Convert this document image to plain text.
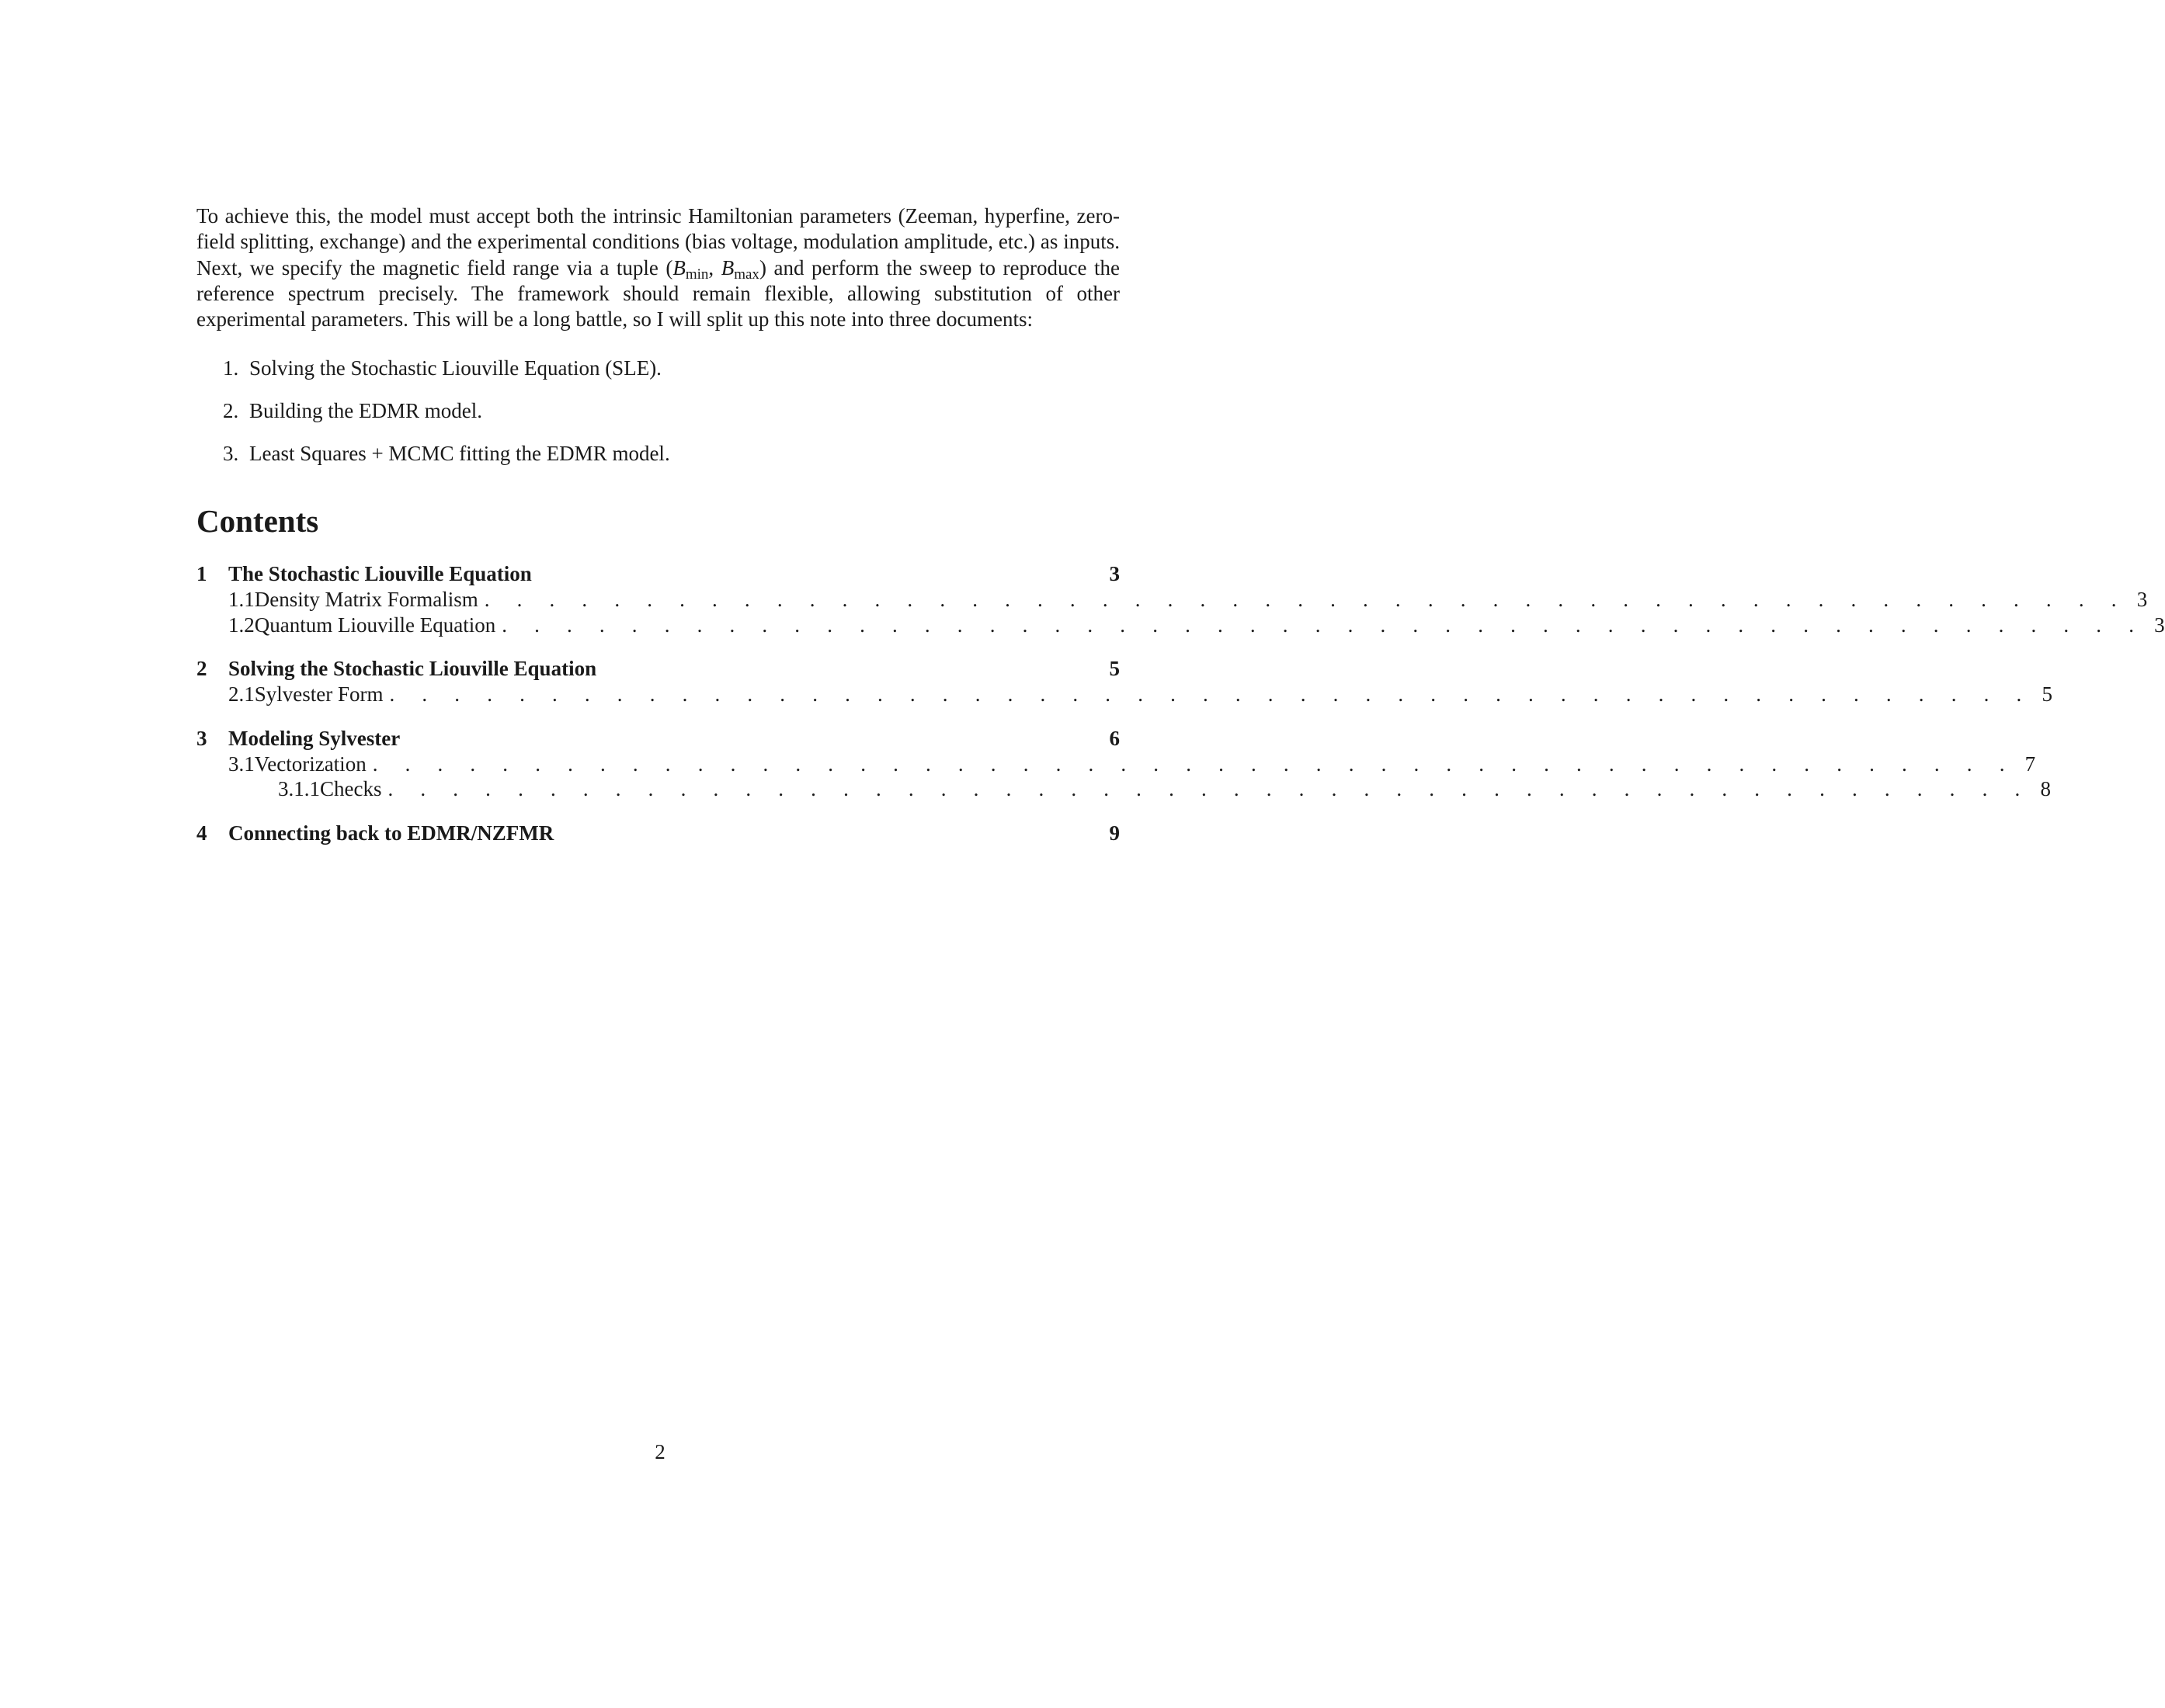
To achieve this, the model must accept both the intrinsic Hamiltonian parameters (Zeeman, hyperfine, zero-field splitting, exchange) and the experimental conditions (bias voltage, modulation amplitude, etc.) as inputs. Next, we specify the magnetic field range via a tuple ($B_{min}$, $B_{max}$) and perform the sweep to reproduce the reference spectrum precisely. The framework should remain flexible, allowing substitution of other experimental parameters. This will be a long battle, so I will split up this note into three documents:

1. Solving the Stochastic Liouville Equation (SLE).
2. Building the EDMR model.
3. Least Squares + MCMC fitting the EDMR model.
Contents
1	The Stochastic Liouville Equation	3
1.1 Density Matrix Formalism . . . . . . . . . . . . . . . . . . . . . . . . . . . . . . . . . . . . . . . . . . . . . . . . . . . 3
1.2 Quantum Liouville Equation . . . . . . . . . . . . . . . . . . . . . . . . . . . . . . . . . . . . . . . . . . . . . . . . . . . 3
2	Solving the Stochastic Liouville Equation	5
2.1 Sylvester Form . . . . . . . . . . . . . . . . . . . . . . . . . . . . . . . . . . . . . . . . . . . . . . . . . . . 5
3	Modeling Sylvester	6
3.1 Vectorization . . . . . . . . . . . . . . . . . . . . . . . . . . . . . . . . . . . . . . . . . . . . . . . . . . . 7
3.1.1 Checks . . . . . . . . . . . . . . . . . . . . . . . . . . . . . . . . . . . . . . . . . . . . . . . . . . . 8
4	Connecting back to EDMR/NZFMR	9
2
